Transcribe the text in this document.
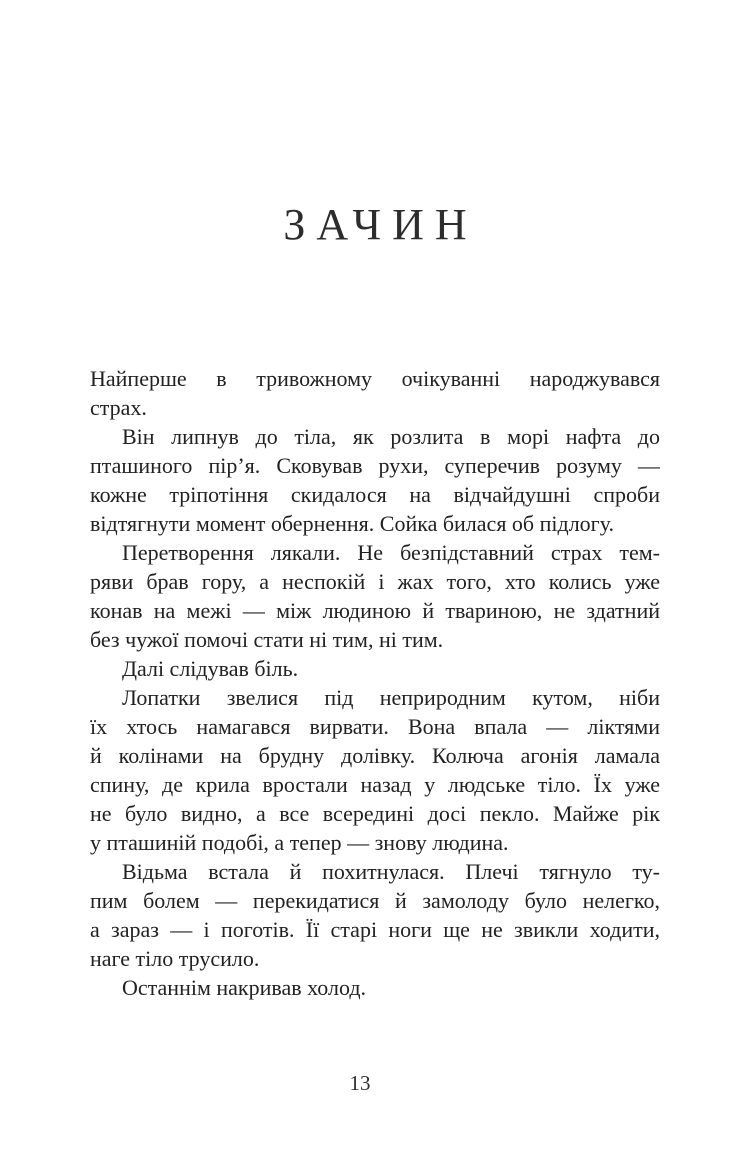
ЗАЧИН

Найперше в тривожному очікуванні народжувався
страх.

Він липнув до тіла, як розлита в морі нафта до
пташиного пір’я. Сковував рухи, суперечив розуму —
кожне тріпотіння скидалося на відчайдушні спроби
відтягнути момент обернення. Сойка билася об підлогу.

Перетворення лякали. Не безпідставний страх тем-
ряви брав гору, а неспокій і жах того, хто колись уже
конав на межі — між людиною й твариною, не здатний
без чужої помочі стати ні тим, ні тим.

Далі слідував біль.

Лопатки звелися під неприродним кутом, ніби
їх хтось намагався вирвати. Вона впала — ліктями
й колінами на брудну долівку. Колюча агонія ламала
спину, де крила вростали назад у людське тіло. Їх уже
не було видно, а все всередині досі пекло. Майже рік
у пташиній подобі, а тепер — знову людина.

Відьма встала й похитнулася. Плечі тягнуло ту-
пим болем — перекидатися й замолоду було нелегко,
а зараз — і поготів. Її старі ноги ще не звикли ходити,
наге тіло трусило.

Останнім накривав холод.

13
